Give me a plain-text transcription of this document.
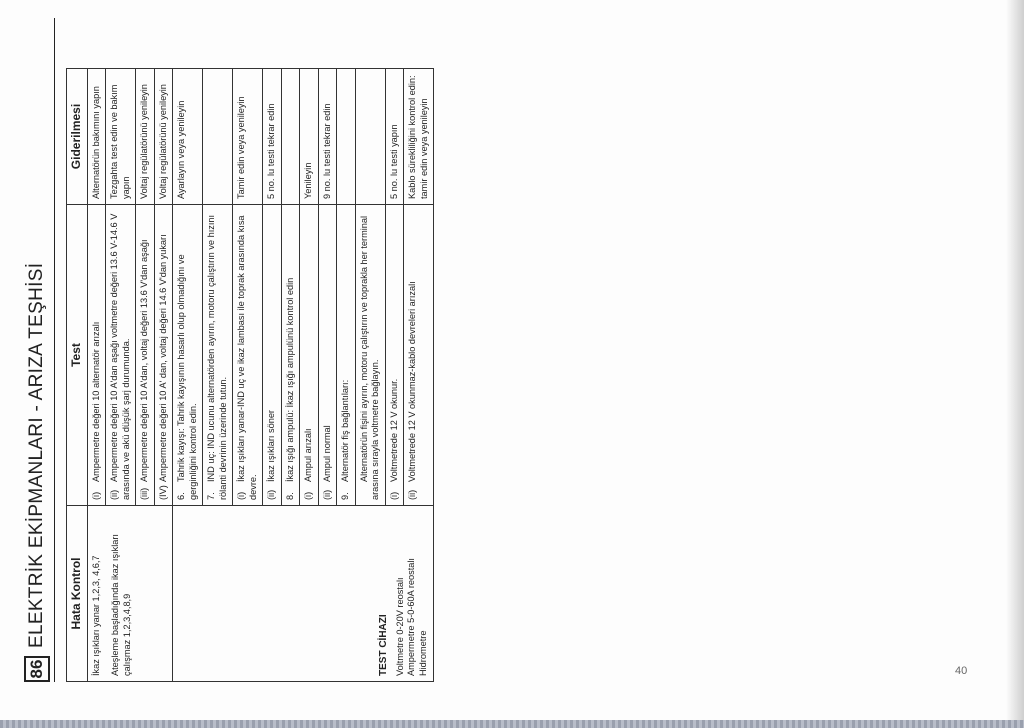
86
ELEKTRİK EKİPMANLARI - ARIZA TEŞHİSİ Hata Kontrol	Test	Giderilmesi

İkaz ışıkları yanar 1,2,3, 4,6,7 Ateşleme başladığında ikaz ışıkları çalışmaz 1,2,3,4,8,9	(i)Ampermetre değeri 10 alternatör arızalı	Alternatörün bakımını yapın
	(ii)Ampermetre değeri 10 A'dan aşağı voltmetre değeri 13.6 V-14.6 V arasında ve akü düşük şarj durumunda.	Tezgahta test edin ve bakım yapın
	(iii)Ampermetre değeri 10 A'dan, voltaj değeri 13.6 V'dan aşağı	Voltaj regülatörünü yenileyin
	(IV)Ampermetre değeri 10 A' dan, voltaj değeri 14.6 V'dan yukarı	Voltaj regülatörünü yenileyin

TEST CİHAZI Voltmetre 0-20V reostalı Ampermetre 5-0-60A reostalı Hidrometre	6.Tahrik kayışı: Tahrik kayışının hasarlı olup olmadığını ve gerginliğini kontrol edin.	Ayarlayın veya yenileyin
	7.IND uç: IND ucunu alternatörden ayırın, motoru çalıştırın ve hızını rölanti devrinin üzerinde tutun.	
	(i)İkaz ışıkları yanar-IND uç ve ikaz lambası ile toprak arasında kısa devre.	Tamir edin veya yenileyin
	(ii)İkaz ışıkları söner	5 no. lu testi tekrar edin
	8.İkaz ışığı ampulü: İkaz ışığı ampulünü kontrol edin	
	(i)Ampul arızalı	Yenileyin
	(ii)Ampul normal	9 no. lu testi tekrar edin
	9.Alternatör fiş bağlantıları:	
	Alternatörün fişini ayırın, motoru çalıştırın ve toprakla her terminal arasına sırayla voltmetre bağlayın.	
	(i)Voltmetrede 12 V okunur.	5 no. lu testi yapın
	(ii)Voltmetrede 12 V okunmaz-kablo devreleri arızalı	Kablo sürekliliğini kontrol edin: tamir edin veya yenileyin
40
